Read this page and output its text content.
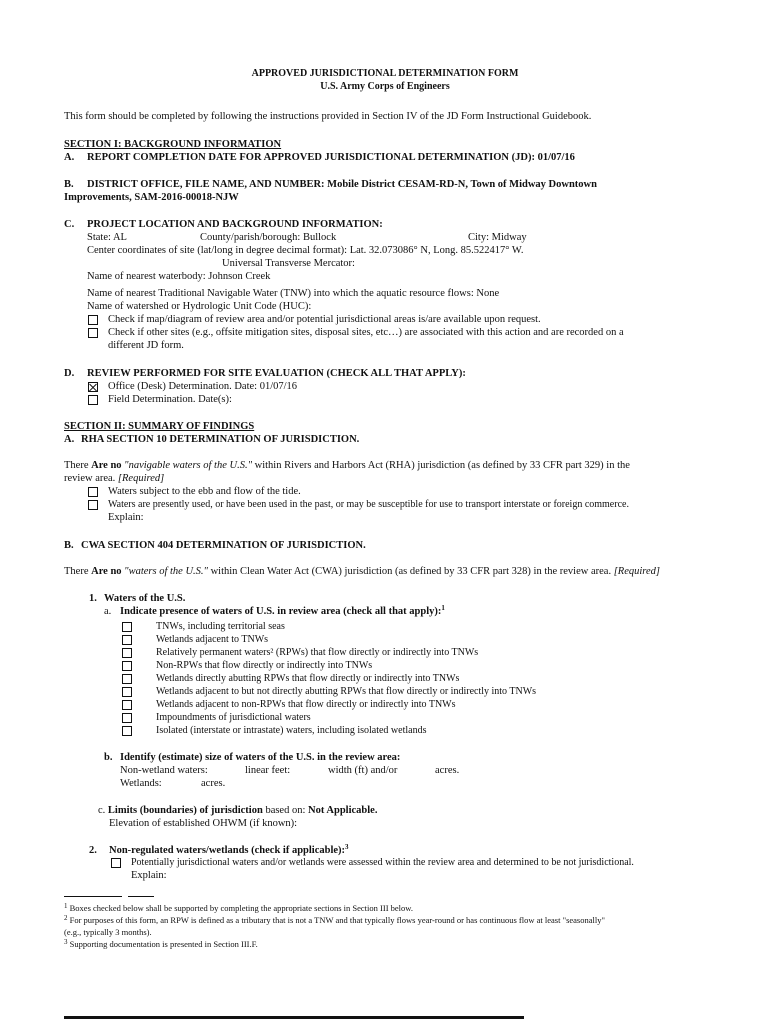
APPROVED JURISDICTIONAL DETERMINATION FORM
U.S. Army Corps of Engineers
This form should be completed by following the instructions provided in Section IV of the JD Form Instructional Guidebook.
SECTION I: BACKGROUND INFORMATION
A. REPORT COMPLETION DATE FOR APPROVED JURISDICTIONAL DETERMINATION (JD): 01/07/16
B. DISTRICT OFFICE, FILE NAME, AND NUMBER: Mobile District CESAM-RD-N, Town of Midway Downtown
Improvements, SAM-2016-00018-NJW
C. PROJECT LOCATION AND BACKGROUND INFORMATION:
State: AL	County/parish/borough: Bullock	City: Midway
Center coordinates of site (lat/long in degree decimal format): Lat. 32.073086° N, Long. 85.522417° W.
Universal Transverse Mercator:
Name of nearest waterbody: Johnson Creek
Name of nearest Traditional Navigable Water (TNW) into which the aquatic resource flows: None
Name of watershed or Hydrologic Unit Code (HUC):
Check if map/diagram of review area and/or potential jurisdictional areas is/are available upon request.
Check if other sites (e.g., offsite mitigation sites, disposal sites, etc…) are associated with this action and are recorded on a
different JD form.
D. REVIEW PERFORMED FOR SITE EVALUATION (CHECK ALL THAT APPLY):
Office (Desk) Determination. Date: 01/07/16
Field Determination. Date(s):
SECTION II: SUMMARY OF FINDINGS
A. RHA SECTION 10 DETERMINATION OF JURISDICTION.
There Are no "navigable waters of the U.S." within Rivers and Harbors Act (RHA) jurisdiction (as defined by 33 CFR part 329) in the
review area. [Required]
Waters subject to the ebb and flow of the tide.
Waters are presently used, or have been used in the past, or may be susceptible for use to transport interstate or foreign commerce.
Explain:
B. CWA SECTION 404 DETERMINATION OF JURISDICTION.
There Are no "waters of the U.S." within Clean Water Act (CWA) jurisdiction (as defined by 33 CFR part 328) in the review area. [Required]
1. Waters of the U.S.
a. Indicate presence of waters of U.S. in review area (check all that apply):$^1$
TNWs, including territorial seas
Wetlands adjacent to TNWs
Relatively permanent waters² (RPWs) that flow directly or indirectly into TNWs
Non-RPWs that flow directly or indirectly into TNWs
Wetlands directly abutting RPWs that flow directly or indirectly into TNWs
Wetlands adjacent to but not directly abutting RPWs that flow directly or indirectly into TNWs
Wetlands adjacent to non-RPWs that flow directly or indirectly into TNWs
Impoundments of jurisdictional waters
Isolated (interstate or intrastate) waters, including isolated wetlands
b. Identify (estimate) size of waters of the U.S. in the review area:
Non-wetland waters:	linear feet:	width (ft) and/or	acres.
Wetlands:	acres.
c. Limits (boundaries) of jurisdiction based on: Not Applicable.
Elevation of established OHWM (if known):
2. Non-regulated waters/wetlands (check if applicable):$^3$
Potentially jurisdictional waters and/or wetlands were assessed within the review area and determined to be not jurisdictional.
Explain:
$^1$ Boxes checked below shall be supported by completing the appropriate sections in Section III below.
$^2$ For purposes of this form, an RPW is defined as a tributary that is not a TNW and that typically flows year-round or has continuous flow at least "seasonally"
(e.g., typically 3 months).
$^3$ Supporting documentation is presented in Section III.F.
